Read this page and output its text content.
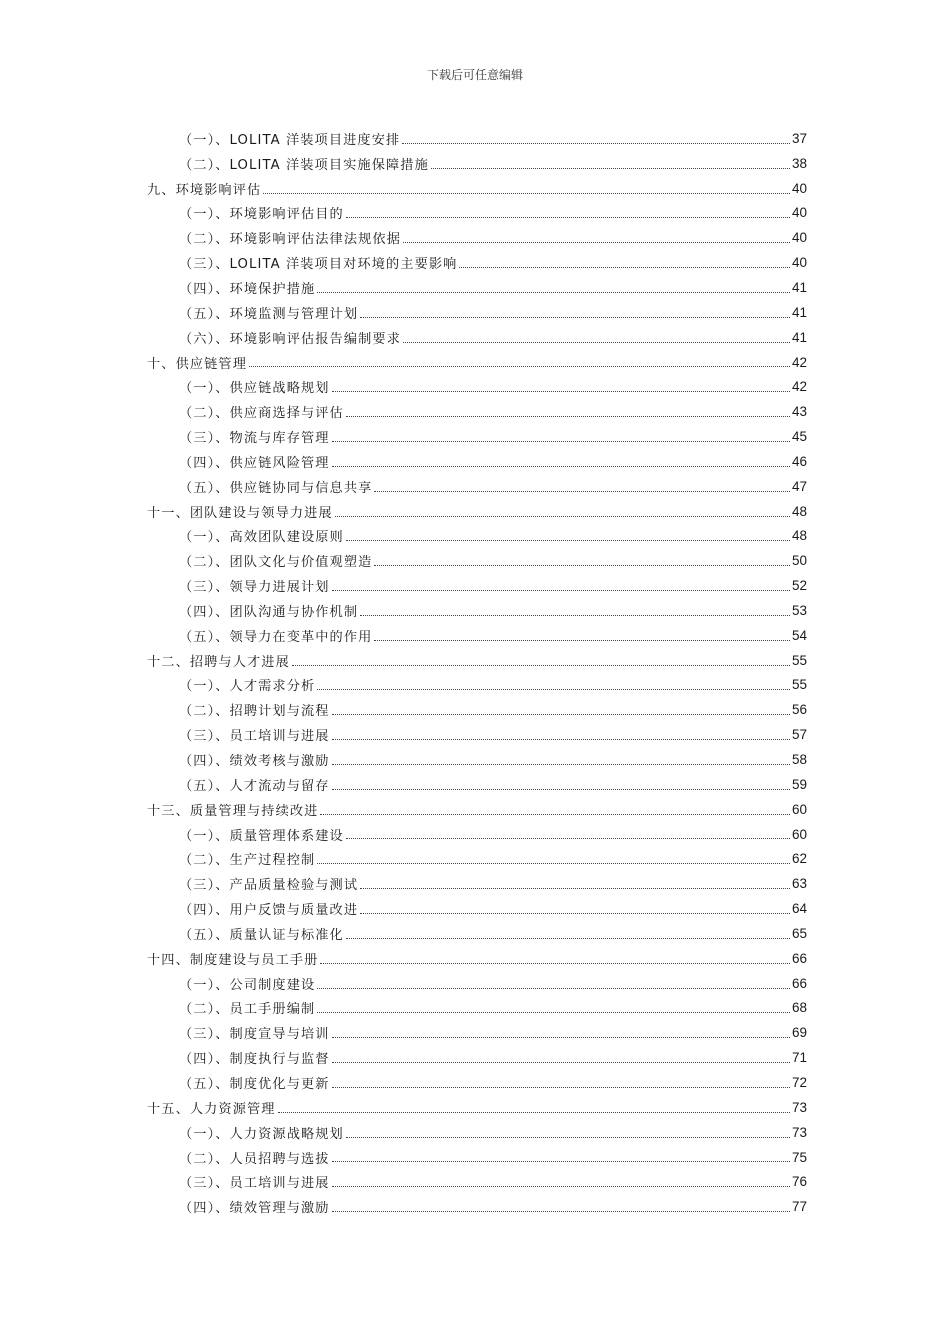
下载后可任意编辑
（一）、LOLITA 洋装项目进度安排	37
（二）、LOLITA 洋装项目实施保障措施	38
九、环境影响评估	40
（一）、环境影响评估目的	40
（二）、环境影响评估法律法规依据	40
（三）、LOLITA 洋装项目对环境的主要影响	40
（四）、环境保护措施	41
（五）、环境监测与管理计划	41
（六）、环境影响评估报告编制要求	41
十、供应链管理	42
（一）、供应链战略规划	42
（二）、供应商选择与评估	43
（三）、物流与库存管理	45
（四）、供应链风险管理	46
（五）、供应链协同与信息共享	47
十一、团队建设与领导力进展	48
（一）、高效团队建设原则	48
（二）、团队文化与价值观塑造	50
（三）、领导力进展计划	52
（四）、团队沟通与协作机制	53
（五）、领导力在变革中的作用	54
十二、招聘与人才进展	55
（一）、人才需求分析	55
（二）、招聘计划与流程	56
（三）、员工培训与进展	57
（四）、绩效考核与激励	58
（五）、人才流动与留存	59
十三、质量管理与持续改进	60
（一）、质量管理体系建设	60
（二）、生产过程控制	62
（三）、产品质量检验与测试	63
（四）、用户反馈与质量改进	64
（五）、质量认证与标准化	65
十四、制度建设与员工手册	66
（一）、公司制度建设	66
（二）、员工手册编制	68
（三）、制度宣导与培训	69
（四）、制度执行与监督	71
（五）、制度优化与更新	72
十五、人力资源管理	73
（一）、人力资源战略规划	73
（二）、人员招聘与选拔	75
（三）、员工培训与进展	76
（四）、绩效管理与激励	77
